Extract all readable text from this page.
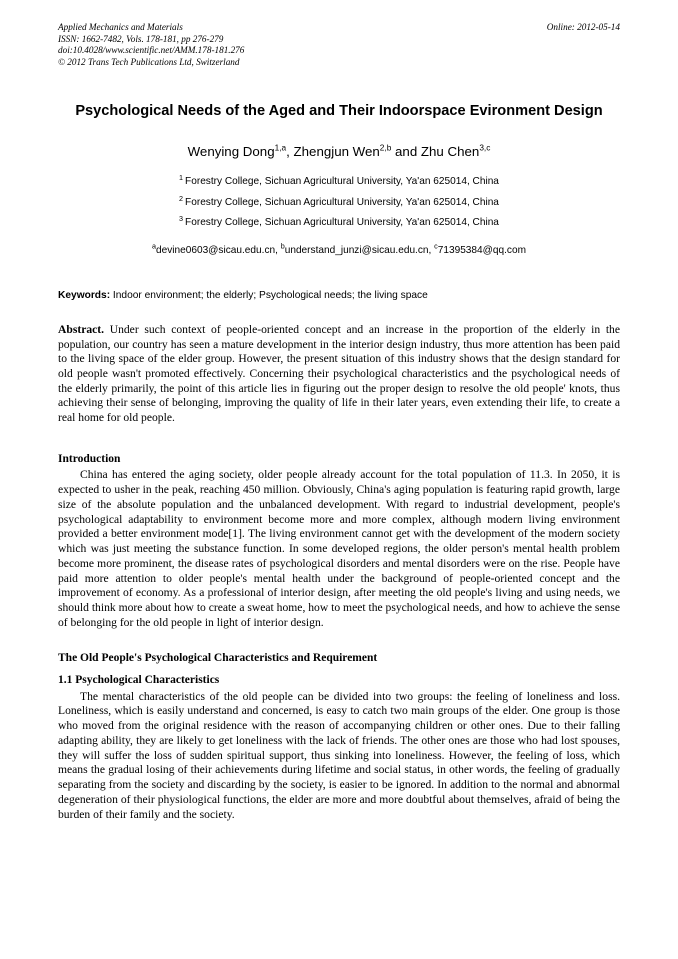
Applied Mechanics and Materials
ISSN: 1662-7482, Vols. 178-181, pp 276-279
doi:10.4028/www.scientific.net/AMM.178-181.276
© 2012 Trans Tech Publications Ltd, Switzerland
Online: 2012-05-14
Psychological Needs of the Aged and Their Indoorspace Evironment Design
Wenying Dong$^{1,a}$, Zhengjun Wen$^{2,b}$ and Zhu Chen$^{3,c}$
$^1$ Forestry College, Sichuan Agricultural University, Ya'an 625014, China
$^2$ Forestry College, Sichuan Agricultural University, Ya'an 625014, China
$^3$ Forestry College, Sichuan Agricultural University, Ya'an 625014, China
$^a$devine0603@sicau.edu.cn, $^b$understand_junzi@sicau.edu.cn, $^c$71395384@qq.com
Keywords: Indoor environment; the elderly; Psychological needs; the living space
Abstract. Under such context of people-oriented concept and an increase in the proportion of the elderly in the population, our country has seen a mature development in the interior design industry, thus more attention has been paid to the living space of the elder group. However, the present situation of this industry shows that the design standard for old people wasn't promoted effectively. Concerning their psychological characteristics and the psychological needs of the elderly primarily, the point of this article lies in figuring out the proper design to resolve the old people' knots, thus achieving their sense of belonging, improving the quality of life in their later years, even extending their life, to create a real home for old people.
Introduction
China has entered the aging society, older people already account for the total population of 11.3. In 2050, it is expected to usher in the peak, reaching 450 million. Obviously, China's aging population is featuring rapid growth, large size of the absolute population and the unbalanced development. With regard to industrial development, people's psychological adaptability to environment become more and more complex, although modern living environment provided a better environment mode[1]. The living environment cannot get with the development of the modern society which was just meeting the substance function. In some developed regions, the older person's mental health problem become more prominent, the disease rates of psychological disorders and mental disorders were on the rise. People have paid more attention to older people's mental health under the background of people-oriented concept and the improvement of economy. As a professional of interior design, after meeting the old people's living and using needs, we should think more about how to create a sweat home, how to meet the psychological needs, and how to achieve the sense of belonging for the old people in light of interior design.
The Old People's Psychological Characteristics and Requirement
1.1 Psychological Characteristics
The mental characteristics of the old people can be divided into two groups: the feeling of loneliness and loss. Loneliness, which is easily understand and concerned, is easy to catch two main groups of the elder. One group is those who moved from the original residence with the reason of accompanying children or other ones. Due to their falling adapting ability, they are likely to get loneliness with the lack of friends. The other ones are those who had lost spouses, they will suffer the loss of sudden spiritual support, thus sinking into loneliness. However, the feeling of loss, which means the gradual losing of their achievements during lifetime and social status, in other words, the feeling of gradually separating from the society and discarding by the society, is easier to be ignored. In addition to the normal and abnormal degeneration of their physiological functions, the elder are more and more doubtful about themselves, afraid of being the burden of their family and the society.
